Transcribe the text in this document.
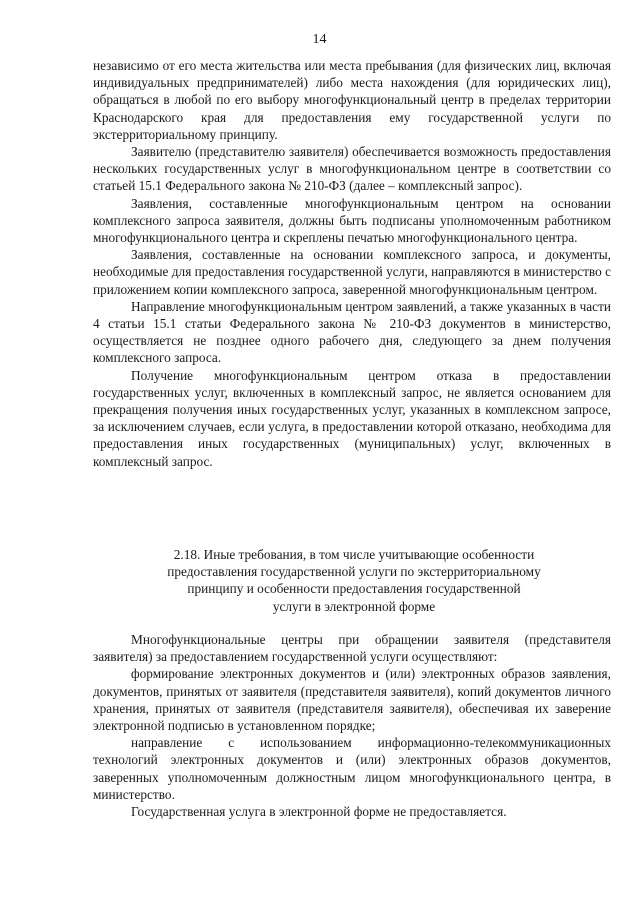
14

независимо от его места жительства или места пребывания (для физических лиц, включая индивидуальных предпринимателей) либо места нахождения (для юридических лиц), обращаться в любой по его выбору многофункциональный центр в пределах территории Краснодарского края для предоставления ему государственной услуги по экстерриториальному принципу.

Заявителю (представителю заявителя) обеспечивается возможность предоставления нескольких государственных услуг в многофункциональном центре в соответствии со статьей 15.1 Федерального закона № 210-ФЗ (далее – комплексный запрос).

Заявления, составленные многофункциональным центром на основании комплексного запроса заявителя, должны быть подписаны уполномоченным работником многофункционального центра и скреплены печатью многофункционального центра.

Заявления, составленные на основании комплексного запроса, и документы, необходимые для предоставления государственной услуги, направляются в министерство с приложением копии комплексного запроса, заверенной многофункциональным центром.

Направление многофункциональным центром заявлений, а также указанных в части 4 статьи 15.1 статьи Федерального закона № 210-ФЗ документов в министерство, осуществляется не позднее одного рабочего дня, следующего за днем получения комплексного запроса.

Получение многофункциональным центром отказа в предоставлении государственных услуг, включенных в комплексный запрос, не является основанием для прекращения получения иных государственных услуг, указанных в комплексном запросе, за исключением случаев, если услуга, в предоставлении которой отказано, необходима для предоставления иных государственных (муниципальных) услуг, включенных в комплексный запрос.

2.18. Иные требования, в том числе учитывающие особенности
предоставления государственной услуги по экстерриториальному
принципу и особенности предоставления государственной
услуги в электронной форме

Многофункциональные центры при обращении заявителя (представителя заявителя) за предоставлением государственной услуги осуществляют:

формирование электронных документов и (или) электронных образов заявления, документов, принятых от заявителя (представителя заявителя), копий документов личного хранения, принятых от заявителя (представителя заявителя), обеспечивая их заверение электронной подписью в установленном порядке;

направление с использованием информационно-телекоммуникационных технологий электронных документов и (или) электронных образов документов, заверенных уполномоченным должностным лицом многофункционального центра, в министерство.

Государственная услуга в электронной форме не предоставляется.
